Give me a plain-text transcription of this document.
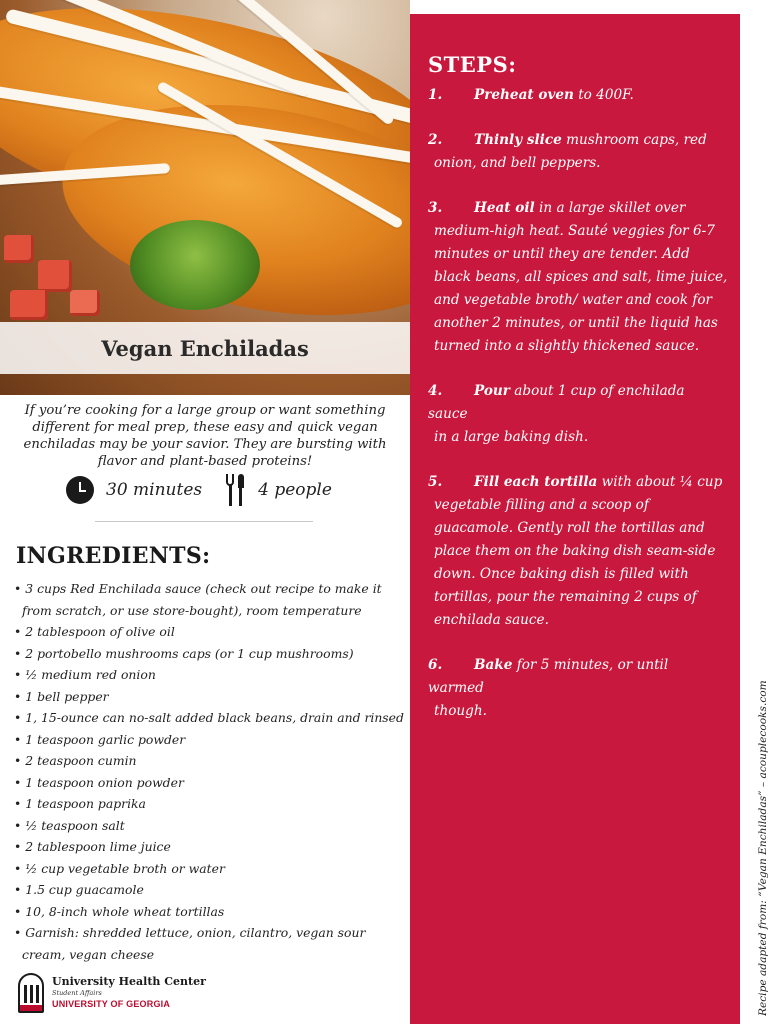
Vegan Enchiladas

If you’re cooking for a large group or want something different for meal prep, these easy and quick vegan enchiladas may be your savior. They are bursting with flavor and plant-based proteins!

30 minutes	4 people
INGREDIENTS:
• 3 cups Red Enchilada sauce (check out recipe to make it from scratch, or use store-bought), room temperature
• 2 tablespoon of olive oil
• 2 portobello mushrooms caps (or 1 cup mushrooms)
• ½ medium red onion
• 1 bell pepper
• 1, 15-ounce can no-salt added black beans, drain and rinsed
• 1 teaspoon garlic powder
• 2 teaspoon cumin
• 1 teaspoon onion powder
• 1 teaspoon paprika
• ½ teaspoon salt
• 2 tablespoon lime juice
• ½ cup vegetable broth or water
• 1.5 cup guacamole
• 10, 8-inch whole wheat tortillas
• Garnish: shredded lettuce, onion, cilantro, vegan sour cream, vegan cheese
University Health Center
Student Affairs
UNIVERSITY OF GEORGIA
STEPS:
1. Preheat oven to 400F.
2. Thinly slice mushroom caps, red
onion, and bell peppers.
3. Heat oil in a large skillet over
medium-high heat. Sauté veggies for 6-7 minutes or until they are tender. Add black beans, all spices and salt, lime juice, and vegetable broth/ water and cook for another 2 minutes, or until the liquid has turned into a slightly thickened sauce.
4. Pour about 1 cup of enchilada sauce
in a large baking dish.
5. Fill each tortilla with about ¼ cup
vegetable filling and a scoop of guacamole. Gently roll the tortillas and place them on the baking dish seam-side down. Once baking dish is filled with tortillas, pour the remaining 2 cups of enchilada sauce.
6. Bake for 5 minutes, or until warmed
though.	Recipe adapted from: “Vegan Enchiladas” – acouplecooks.com
